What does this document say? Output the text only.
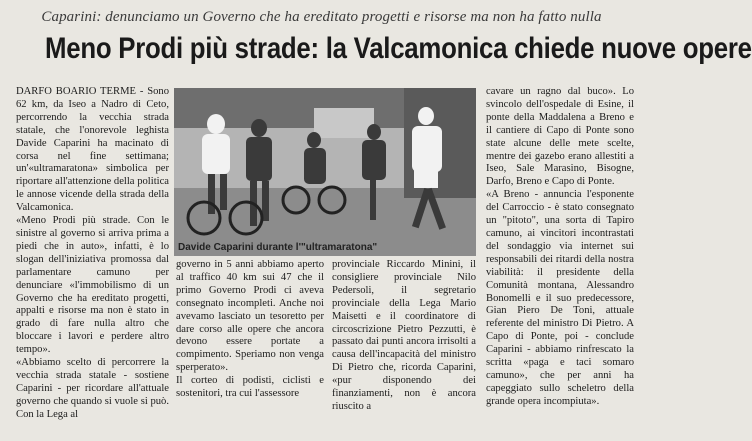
Caparini: denunciamo un Governo che ha ereditato progetti e risorse ma non ha fatto nulla
Meno Prodi più strade: la Valcamonica chiede nuove opere

DARFO BOARIO TERME - Sono 62 km, da Iseo a Nadro di Ceto, percorrendo la vecchia strada statale, che l'onorevole leghista Davide Caparini ha macinato di corsa nel fine settimana; un'«ultramaratona» simbolica per riportare all'attenzione della politica le annose vicende della strada della Valcamonica.

«Meno Prodi più strade. Con le sinistre al governo si arriva prima a piedi che in auto», infatti, è lo slogan dell'iniziativa promossa dal parlamentare camuno per denunciare «l'immobilismo di un Governo che ha ereditato progetti, appalti e risorse ma non è stato in grado di fare nulla altro che bloccare i lavori e perdere altro tempo».

«Abbiamo scelto di percorrere la vecchia strada statale - sostiene Caparini - per ricordare all'attuale governo che quando si vuole si può. Con la Lega al

Davide Caparini durante l'"ultramaratona"

governo in 5 anni abbiamo aperto al traffico 40 km sui 47 che il primo Governo Prodi ci aveva consegnato incompleti. Anche noi avevamo lasciato un tesoretto per dare corso alle opere che ancora devono essere portate a compimento. Speriamo non venga sperperato».

Il corteo di podisti, ciclisti e sostenitori, tra cui l'assessore

provinciale Riccardo Minini, il consigliere provinciale Nilo Pedersoli, il segretario provinciale della Lega Mario Maisetti e il coordinatore di circoscrizione Pietro Pezzutti, è passato dai punti ancora irrisolti a causa dell'incapacità del ministro Di Pietro che, ricorda Caparini, «pur disponendo dei finanziamenti, non è ancora riuscito a

cavare un ragno dal buco». Lo svincolo dell'ospedale di Esine, il ponte della Maddalena a Breno e il cantiere di Capo di Ponte sono state alcune delle mete scelte, mentre dei gazebo erano allestiti a Iseo, Sale Marasino, Bisogne, Darfo, Breno e Capo di Ponte.

«A Breno - annuncia l'esponente del Carroccio - è stato consegnato un "pitoto", una sorta di Tapiro camuno, ai vincitori incontrastati del sondaggio via internet sui responsabili dei ritardi della nostra viabilità: il presidente della Comunità montana, Alessandro Bonomelli e il suo predecessore, Gian Piero De Toni, attuale referente del ministro Di Pietro. A Capo di Ponte, poi - conclude Caparini - abbiamo rinfrescato la scritta «paga e taci somaro camuno», che per anni ha capeggiato sullo scheletro della grande opera incompiuta».
